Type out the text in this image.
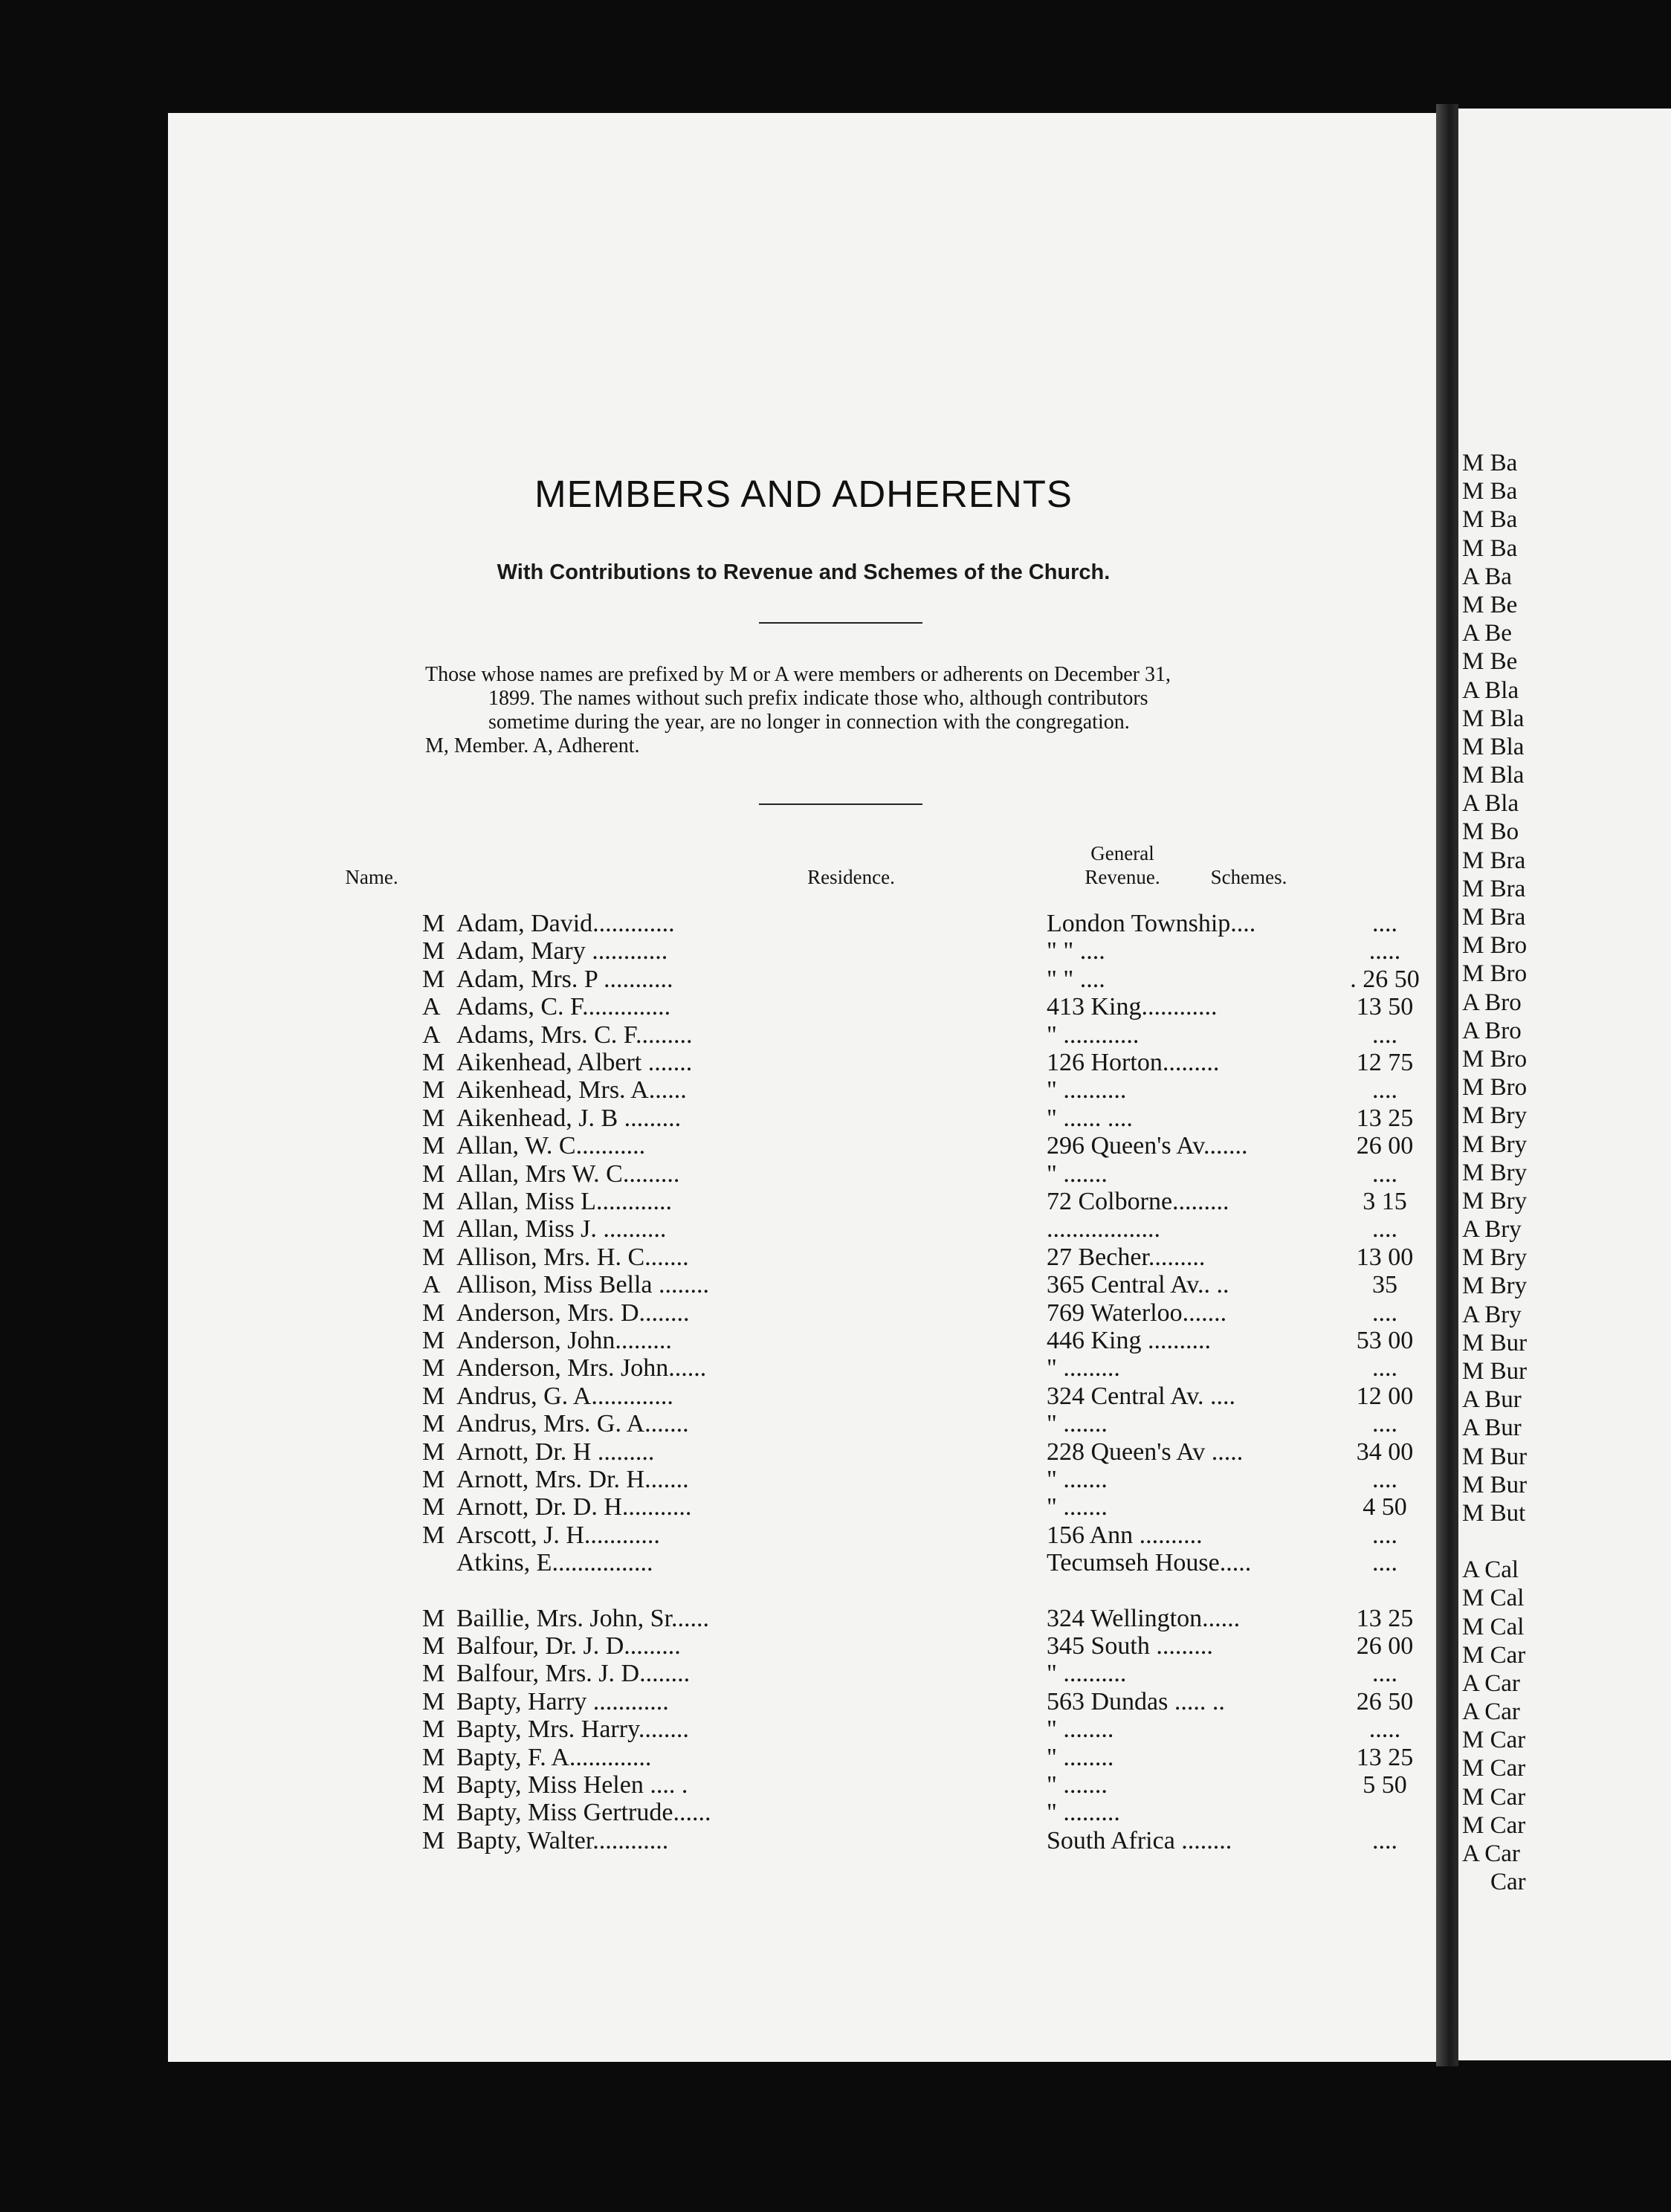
MEMBERS AND ADHERENTS
With Contributions to Revenue and Schemes of the Church.
Those whose names are prefixed by M or A were members or adherents on December 31,
1899. The names without such prefix indicate those who, although contributors
sometime during the year, are no longer in connection with the congregation.
M, Member. A, Adherent.
Name.	Residence.
General
Revenue.	Schemes.
M Adam, David.............	London Township....	....
M Adam, Mary ............	" " ....	.....
M Adam, Mrs. P ...........	" " ....	. 26 50
A Adams, C. F..............	413 King............	13 50
A Adams, Mrs. C. F.........	" ............	....
M Aikenhead, Albert .......	126 Horton.........	12 75
M Aikenhead, Mrs. A......	" ..........	....
M Aikenhead, J. B .........	" ...... ....	13 25
M Allan, W. C...........	296 Queen's Av.......	26 00
M Allan, Mrs W. C.........	" .......	....
M Allan, Miss L............	72 Colborne.........	3 15
M Allan, Miss J. ..........	..................	....
M Allison, Mrs. H. C.......	27 Becher.........	13 00
A Allison, Miss Bella ........	365 Central Av.. ..	35
M Anderson, Mrs. D........	769 Waterloo.......	....
M Anderson, John.........	446 King ..........	53 00
M Anderson, Mrs. John......	" .........	....
M Andrus, G. A.............	324 Central Av. ....	12 00
M Andrus, Mrs. G. A.......	" .......	....
M Arnott, Dr. H .........	228 Queen's Av .....	34 00
M Arnott, Mrs. Dr. H.......	" .......	....
M Arnott, Dr. D. H...........	" .......	4 50
M Arscott, J. H............	156 Ann ..........	....
Atkins, E................	Tecumseh House.....	....
M Baillie, Mrs. John, Sr......	324 Wellington......	13 25
M Balfour, Dr. J. D.........	345 South .........	26 00
M Balfour, Mrs. J. D........	" ..........	....
M Bapty, Harry ............	563 Dundas ..... ..	26 50
M Bapty, Mrs. Harry........	" ........	.....
M Bapty, F. A.............	" ........	13 25
M Bapty, Miss Helen .... .	" .......	5 50
M Bapty, Miss Gertrude......	" .........
M Bapty, Walter............	South Africa ........	....
M Ba
M Ba
M Ba
M Ba
A Ba
M Be
A Be
M Be
A Bla
M Bla
M Bla
M Bla
A Bla
M Bo
M Bra
M Bra
M Bra
M Bro
M Bro
A Bro
A Bro
M Bro
M Bro
M Bry
M Bry
M Bry
M Bry
A Bry
M Bry
M Bry
A Bry
M Bur
M Bur
A Bur
A Bur
M Bur
M Bur
M But
A Cal
M Cal
M Cal
M Car
A Car
A Car
M Car
M Car
M Car
M Car
A Car
Car
